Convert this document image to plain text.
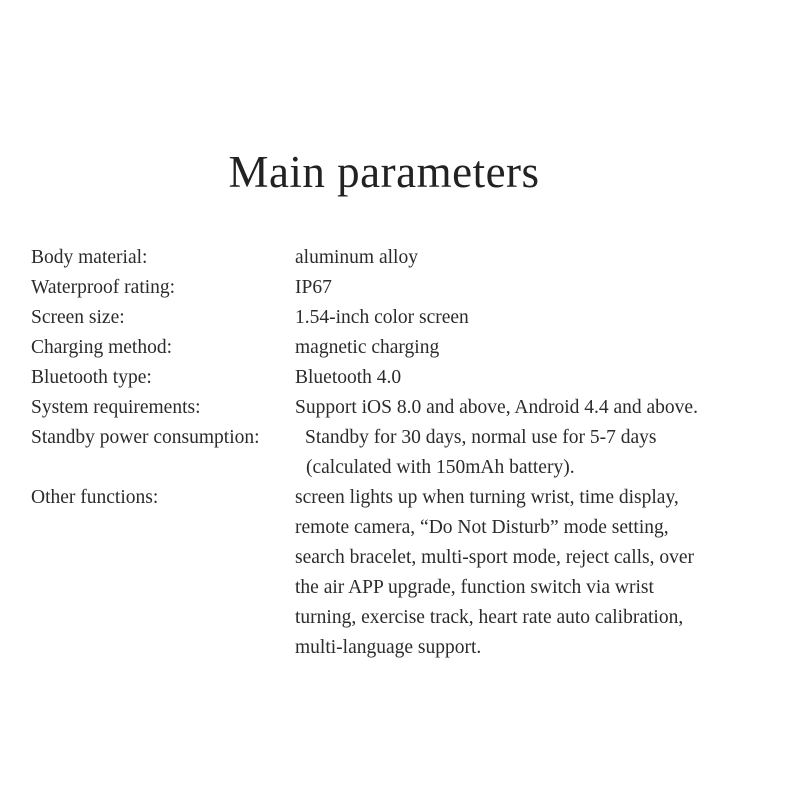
Main parameters
Body material:	aluminum alloy
Waterproof rating:	IP67
Screen size:	1.54-inch color screen
Charging method:	magnetic charging
Bluetooth type:	Bluetooth 4.0
System requirements:	Support iOS 8.0 and above, Android 4.4 and above.
Standby power consumption: Standby for 30 days, normal use for 5-7 days
(calculated with 150mAh battery).
Other functions:	screen lights up when turning wrist, time display,
remote camera, “Do Not Disturb” mode setting,
search bracelet, multi-sport mode, reject calls, over
the air APP upgrade, function switch via wrist
turning, exercise track, heart rate auto calibration,
multi-language support.
